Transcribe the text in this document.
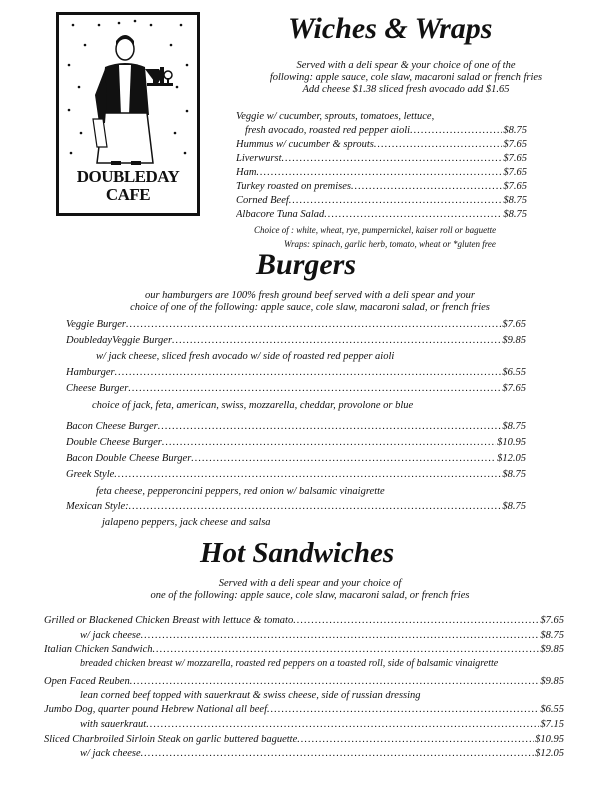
DOUBLEDAY
CAFE
Wiches & Wraps
Served with a deli spear & your choice of one of the
following: apple sauce, cole slaw, macaroni salad or french fries
Add cheese $1.38 sliced fresh avocado add $1.65
Veggie w/ cucumber, sprouts, tomatoes, lettuce,
fresh avocado, roasted red pepper aioli .....	$8.75
Hummus w/ cucumber & sprouts .....	$7.65
Liverwurst .....	$7.65
Ham .....	$7.65
Turkey roasted on premises .....	$7.65
Corned Beef .....	$8.75
Albacore Tuna Salad .....	$8.75
Choice of : white, wheat, rye, pumpernickel, kaiser roll or baguette
Wraps: spinach, garlic herb, tomato, wheat or *gluten free
Burgers
our hamburgers are 100% fresh ground beef served with a deli spear and your
choice of one of the following: apple sauce, cole slaw, macaroni salad, or french fries
Veggie Burger .....	$7.65
DoubledayVeggie Burger .....	$9.85
w/ jack cheese, sliced fresh avocado w/ side of roasted red pepper aioli
Hamburger .....	$6.55
Cheese Burger .....	$7.65
choice of jack, feta, american, swiss, mozzarella, cheddar, provolone or blue
Bacon Cheese Burger .....	$8.75
Double Cheese Burger .....	$10.95
Bacon Double Cheese Burger .....	$12.05
Greek Style .....	$8.75
feta cheese, pepperoncini peppers, red onion w/ balsamic vinaigrette
Mexican Style: .....	$8.75
jalapeno peppers, jack cheese and salsa
Hot Sandwiches
Served with a deli spear and your choice of
one of the following: apple sauce, cole slaw, macaroni salad, or french fries
Grilled or Blackened Chicken Breast with lettuce & tomato .....	$7.65
w/ jack cheese .....	$8.75
Italian Chicken Sandwich .....	$9.85
breaded chicken breast w/ mozzarella, roasted red peppers on a toasted roll, side of balsamic vinaigrette
Open Faced Reuben .....	$9.85
lean corned beef topped with sauerkraut & swiss cheese, side of russian dressing
Jumbo Dog, quarter pound Hebrew National all beef .....	$6.55
with sauerkraut .....	$7.15
Sliced Charbroiled Sirloin Steak on garlic buttered baguette .....	$10.95
w/ jack cheese .....	$12.05
